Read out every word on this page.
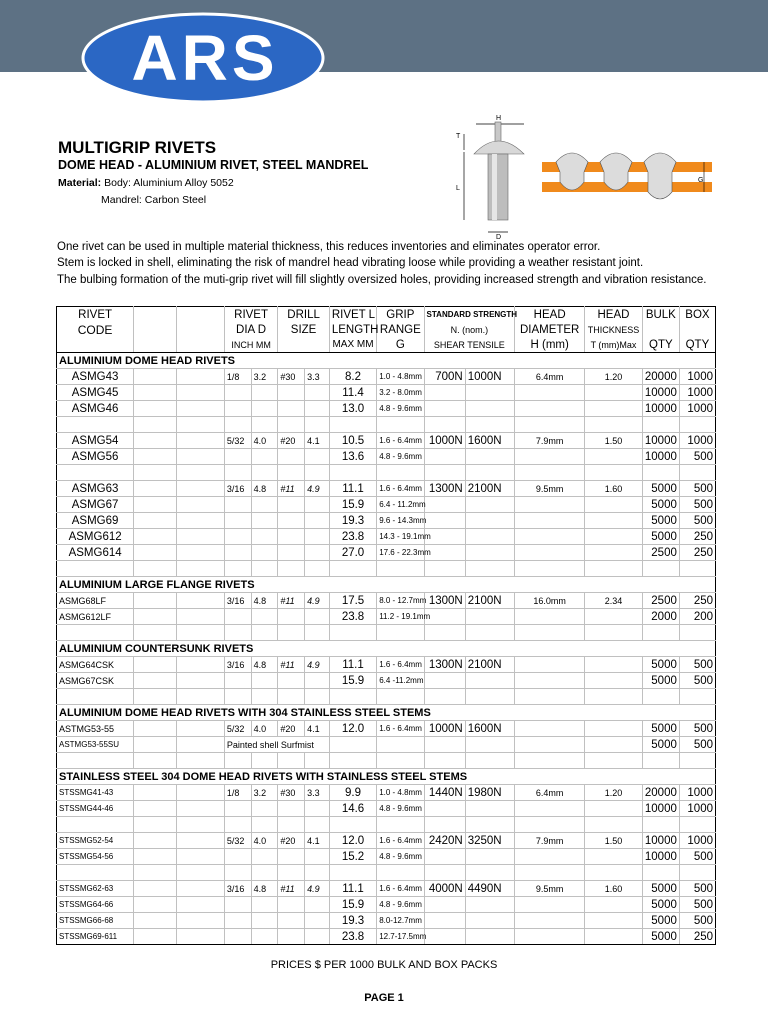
ARS
MULTIGRIP RIVETS
DOME HEAD - ALUMINIUM RIVET, STEEL MANDREL
Material: Body: Aluminium Alloy 5052
Mandrel: Carbon Steel
T
L
H
D
G
One rivet can be used in multiple material thickness, this reduces inventories and eliminates operator error.
Stem is locked in shell, eliminating the risk of mandrel head vibrating loose while providing a weather resistant joint.
The bulbing formation of the muti-grip rivet will fill slightly oversized holes, providing increased strength and vibration resistance.
RIVET			RIVET		DRILL		RIVET L	GRIP	STANDARD STRENGTH		HEAD	HEAD	BULK	BOX
CODE			DIA D		SIZE		LENGTH	RANGE	N. (nom.)		DIAMETER	THICKNESS		
			INCH MM				MAX MM	G	SHEAR TENSILE		H (mm)	T (mm)Max	QTY	QTY
ALUMINIUM DOME HEAD RIVETS														
ASMG43			1/8	3.2	#30	3.3	8.2	1.0 - 4.8mm	700N	1000N	6.4mm	1.20	20000	1000
ASMG45							11.4	3.2 - 8.0mm					10000	1000
ASMG46							13.0	4.8 - 9.6mm					10000	1000

ASMG54			5/32	4.0	#20	4.1	10.5	1.6 - 6.4mm	1000N	1600N	7.9mm	1.50	10000	1000
ASMG56							13.6	4.8 - 9.6mm					10000	500

ASMG63			3/16	4.8	#11	4.9	11.1	1.6 - 6.4mm	1300N	2100N	9.5mm	1.60	5000	500
ASMG67							15.9	6.4 - 11.2mm					5000	500
ASMG69							19.3	9.6 - 14.3mm					5000	500
ASMG612							23.8	14.3 - 19.1mm					5000	250
ASMG614							27.0	17.6 - 22.3mm					2500	250

ALUMINIUM LARGE FLANGE RIVETS														
ASMG68LF			3/16	4.8	#11	4.9	17.5	8.0 - 12.7mm	1300N	2100N	16.0mm	2.34	2500	250
ASMG612LF							23.8	11.2 - 19.1mm					2000	200

ALUMINIUM COUNTERSUNK RIVETS														
ASMG64CSK			3/16	4.8	#11	4.9	11.1	1.6 - 6.4mm	1300N	2100N			5000	500
ASMG67CSK							15.9	6.4 -11.2mm					5000	500

ALUMINIUM DOME HEAD RIVETS WITH 304 STAINLESS STEEL STEMS														
ASTMG53-55			5/32	4.0	#20	4.1	12.0	1.6 - 6.4mm	1000N	1600N			5000	500
ASTMG53-55SU			Painted shell Surfmist										5000	500

STAINLESS STEEL 304 DOME HEAD RIVETS WITH STAINLESS STEEL STEMS														
STSSMG41-43			1/8	3.2	#30	3.3	9.9	1.0 - 4.8mm	1440N	1980N	6.4mm	1.20	20000	1000
STSSMG44-46							14.6	4.8 - 9.6mm					10000	1000

STSSMG52-54			5/32	4.0	#20	4.1	12.0	1.6 - 6.4mm	2420N	3250N	7.9mm	1.50	10000	1000
STSSMG54-56							15.2	4.8 - 9.6mm					10000	500

STSSMG62-63			3/16	4.8	#11	4.9	11.1	1.6 - 6.4mm	4000N	4490N	9.5mm	1.60	5000	500
STSSMG64-66							15.9	4.8 - 9.6mm					5000	500
STSSMG66-68							19.3	8.0-12.7mm					5000	500
STSSMG69-611							23.8	12.7-17.5mm					5000	250
PRICES $ PER 1000 BULK AND BOX PACKS
PAGE 1
